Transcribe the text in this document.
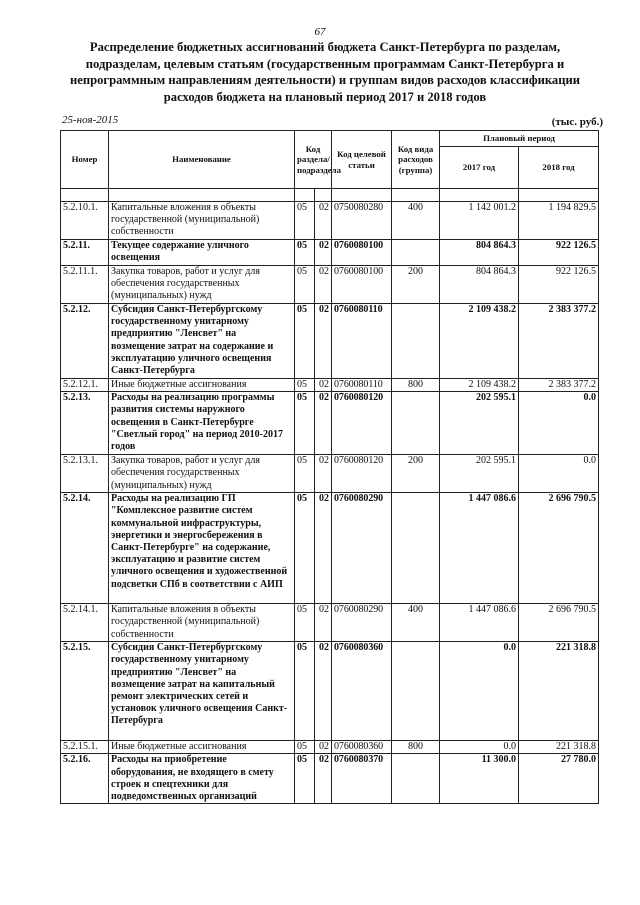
67
Распределение бюджетных ассигнований бюджета Санкт-Петербурга по разделам, подразделам, целевым статьям (государственным программам Санкт-Петербурга и непрограммным направлениям деятельности) и группам видов расходов классификации расходов бюджета на плановый период 2017 и 2018 годов
25-ноя-2015	(тыс. руб.)
Номер	Наименование	Код раздела/ подраздела		Код целевой статьи	Код вида расходов (группа)	Плановый период	
						2017 год	2018 год

5.2.10.1.	Капитальные вложения в объекты государственной (муниципальной) собственности	05	02	0750080280	400	1 142 001.2	1 194 829.5
5.2.11.	Текущее содержание уличного освещения	05	02	0760080100		804 864.3	922 126.5
5.2.11.1.	Закупка товаров, работ и услуг для обеспечения государственных (муниципальных) нужд	05	02	0760080100	200	804 864.3	922 126.5
5.2.12.	Субсидия Санкт-Петербургскому государственному унитарному предприятию "Ленсвет" на возмещение затрат на содержание и эксплуатацию уличного освещения Санкт-Петербурга	05	02	0760080110		2 109 438.2	2 383 377.2
5.2.12.1.	Иные бюджетные ассигнования	05	02	0760080110	800	2 109 438.2	2 383 377.2
5.2.13.	Расходы на реализацию программы развития системы наружного освещения в Санкт-Петербурге "Светлый город" на период 2010-2017 годов	05	02	0760080120		202 595.1	0.0
5.2.13.1.	Закупка товаров, работ и услуг для обеспечения государственных (муниципальных) нужд	05	02	0760080120	200	202 595.1	0.0
5.2.14.	Расходы на реализацию ГП "Комплексное развитие систем коммунальной инфраструктуры, энергетики и энергосбережения в Санкт-Петербурге" на содержание, эксплуатацию и развитие систем уличного освещения и художественной подсветки СПб в соответствии с АИП	05	02	0760080290		1 447 086.6	2 696 790.5
5.2.14.1.	Капитальные вложения в объекты государственной (муниципальной) собственности	05	02	0760080290	400	1 447 086.6	2 696 790.5
5.2.15.	Субсидия Санкт-Петербургскому государственному унитарному предприятию "Ленсвет" на возмещение затрат на капитальный ремонт электрических сетей и установок уличного освещения Санкт-Петербурга	05	02	0760080360		0.0	221 318.8
5.2.15.1.	Иные бюджетные ассигнования	05	02	0760080360	800	0.0	221 318.8
5.2.16.	Расходы на приобретение оборудования, не входящего в смету строек и спецтехники для подведомственных организаций	05	02	0760080370		11 300.0	27 780.0
